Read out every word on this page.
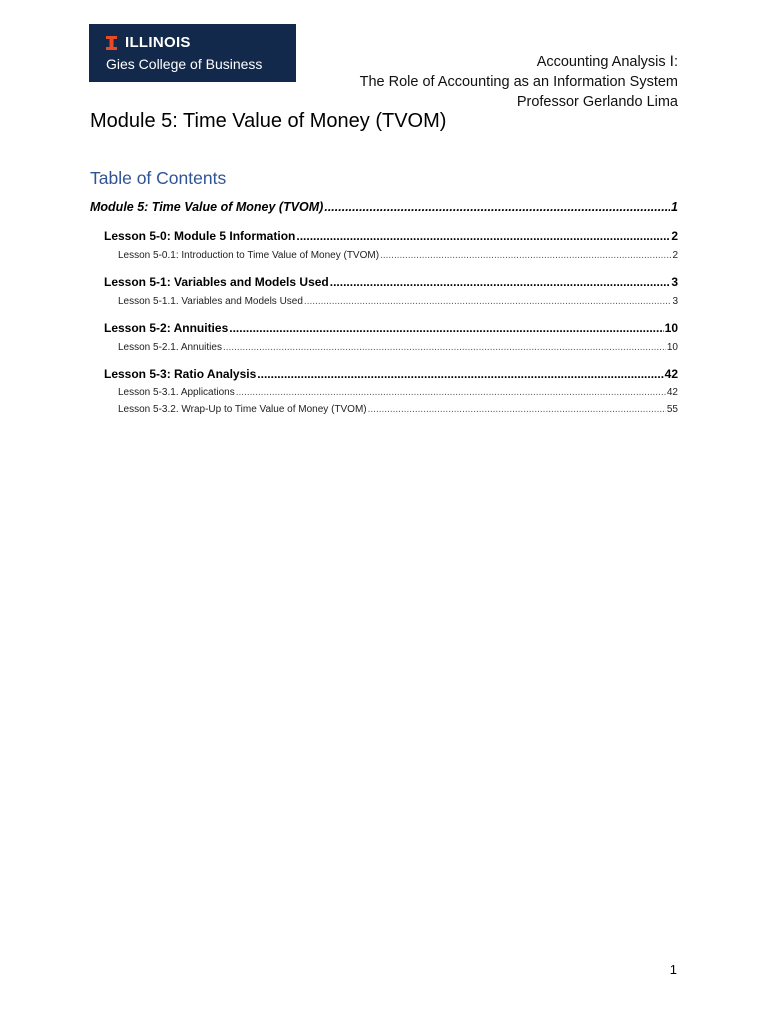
ILLINOIS
Gies College of Business	Accounting Analysis Ⅰ:
The Role of Accounting as an Information System
Professor Gerlando Lima
Module 5: Time Value of Money (TVOM)
Table of Contents
Module 5: Time Value of Money (TVOM) .....	1
Lesson 5-0: Module 5 Information .....	2
Lesson 5-0.1: Introduction to Time Value of Money (TVOM) .....	2
Lesson 5-1: Variables and Models Used .....	3
Lesson 5-1.1. Variables and Models Used .....	3
Lesson 5-2: Annuities .....	10
Lesson 5-2.1. Annuities .....	10
Lesson 5-3: Ratio Analysis .....	42
Lesson 5-3.1. Applications .....	42
Lesson 5-3.2. Wrap-Up to Time Value of Money (TVOM) .....	55
1
